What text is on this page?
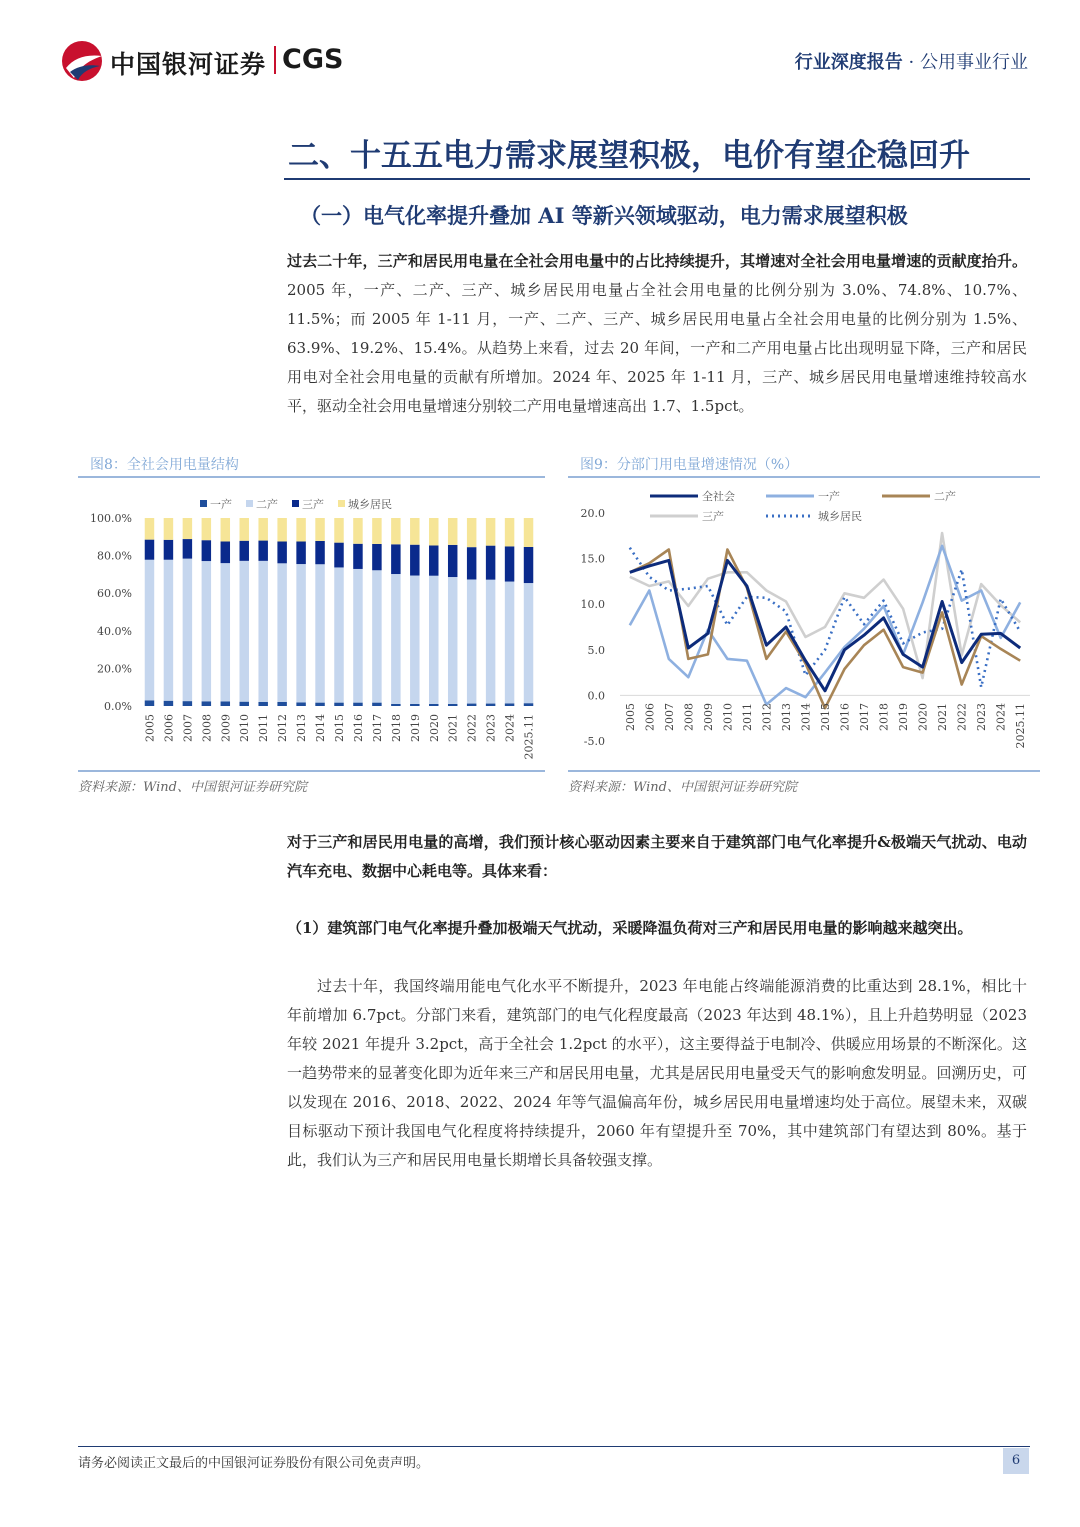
中国银河证券 CGS	行业深度报告 · 公用事业行业
二、十五五电力需求展望积极，电价有望企稳回升
（一）电气化率提升叠加 AI 等新兴领域驱动，电力需求展望积极
过去二十年，三产和居民用电量在全社会用电量中的占比持续提升，其增速对全社会用电量增速的贡献度抬升。2005 年，一产、二产、三产、城乡居民用电量占全社会用电量的比例分别为 3.0%、74.8%、10.7%、11.5%；而 2005 年 1-11 月，一产、二产、三产、城乡居民用电量占全社会用电量的比例分别为 1.5%、63.9%、19.2%、15.4%。从趋势上来看，过去 20 年间，一产和二产用电量占比出现明显下降，三产和居民用电对全社会用电量的贡献有所增加。2024 年、2025 年 1-11 月，三产、城乡居民用电量增速维持较高水平，驱动全社会用电量增速分别较二产用电量增速高出 1.7、1.5pct。
图8：全社会用电量结构
0.0%
20.0%
40.0%
60.0%
80.0%
100.0%
一产 二产 三产 城乡居民
2005 2006 2007 2008 2009 2010 2011 2012 2013 2014 2015 2016 2017 2018 2019 2020 2021 2022 2023 2024 2025.11
资料来源：Wind、中国银河证券研究院
图9：分部门用电量增速情况（%）
-5.0
0.0
5.0
10.0
15.0
20.0
全社会	一产	二产
三产	城乡居民
2005 2006 2007 2008 2009 2010 2011 2012 2013 2014 2015 2016 2017 2018 2019 2020 2021 2022 2023 2024 2025.11
资料来源：Wind、中国银河证券研究院
对于三产和居民用电量的高增，我们预计核心驱动因素主要来自于建筑部门电气化率提升&极端天气扰动、电动汽车充电、数据中心耗电等。具体来看：
（1）建筑部门电气化率提升叠加极端天气扰动，采暖降温负荷对三产和居民用电量的影响越来越突出。
过去十年，我国终端用能电气化水平不断提升，2023 年电能占终端能源消费的比重达到 28.1%，相比十年前增加 6.7pct。分部门来看，建筑部门的电气化程度最高（2023 年达到 48.1%），且上升趋势明显（2023 年较 2021 年提升 3.2pct，高于全社会 1.2pct 的水平），这主要得益于电制冷、供暖应用场景的不断深化。这一趋势带来的显著变化即为近年来三产和居民用电量，尤其是居民用电量受天气的影响愈发明显。回溯历史，可以发现在 2016、2018、2022、2024 年等气温偏高年份，城乡居民用电量增速均处于高位。展望未来，双碳目标驱动下预计我国电气化程度将持续提升，2060 年有望提升至 70%，其中建筑部门有望达到 80%。基于此，我们认为三产和居民用电量长期增长具备较强支撑。
请务必阅读正文最后的中国银河证券股份有限公司免责声明。	6
